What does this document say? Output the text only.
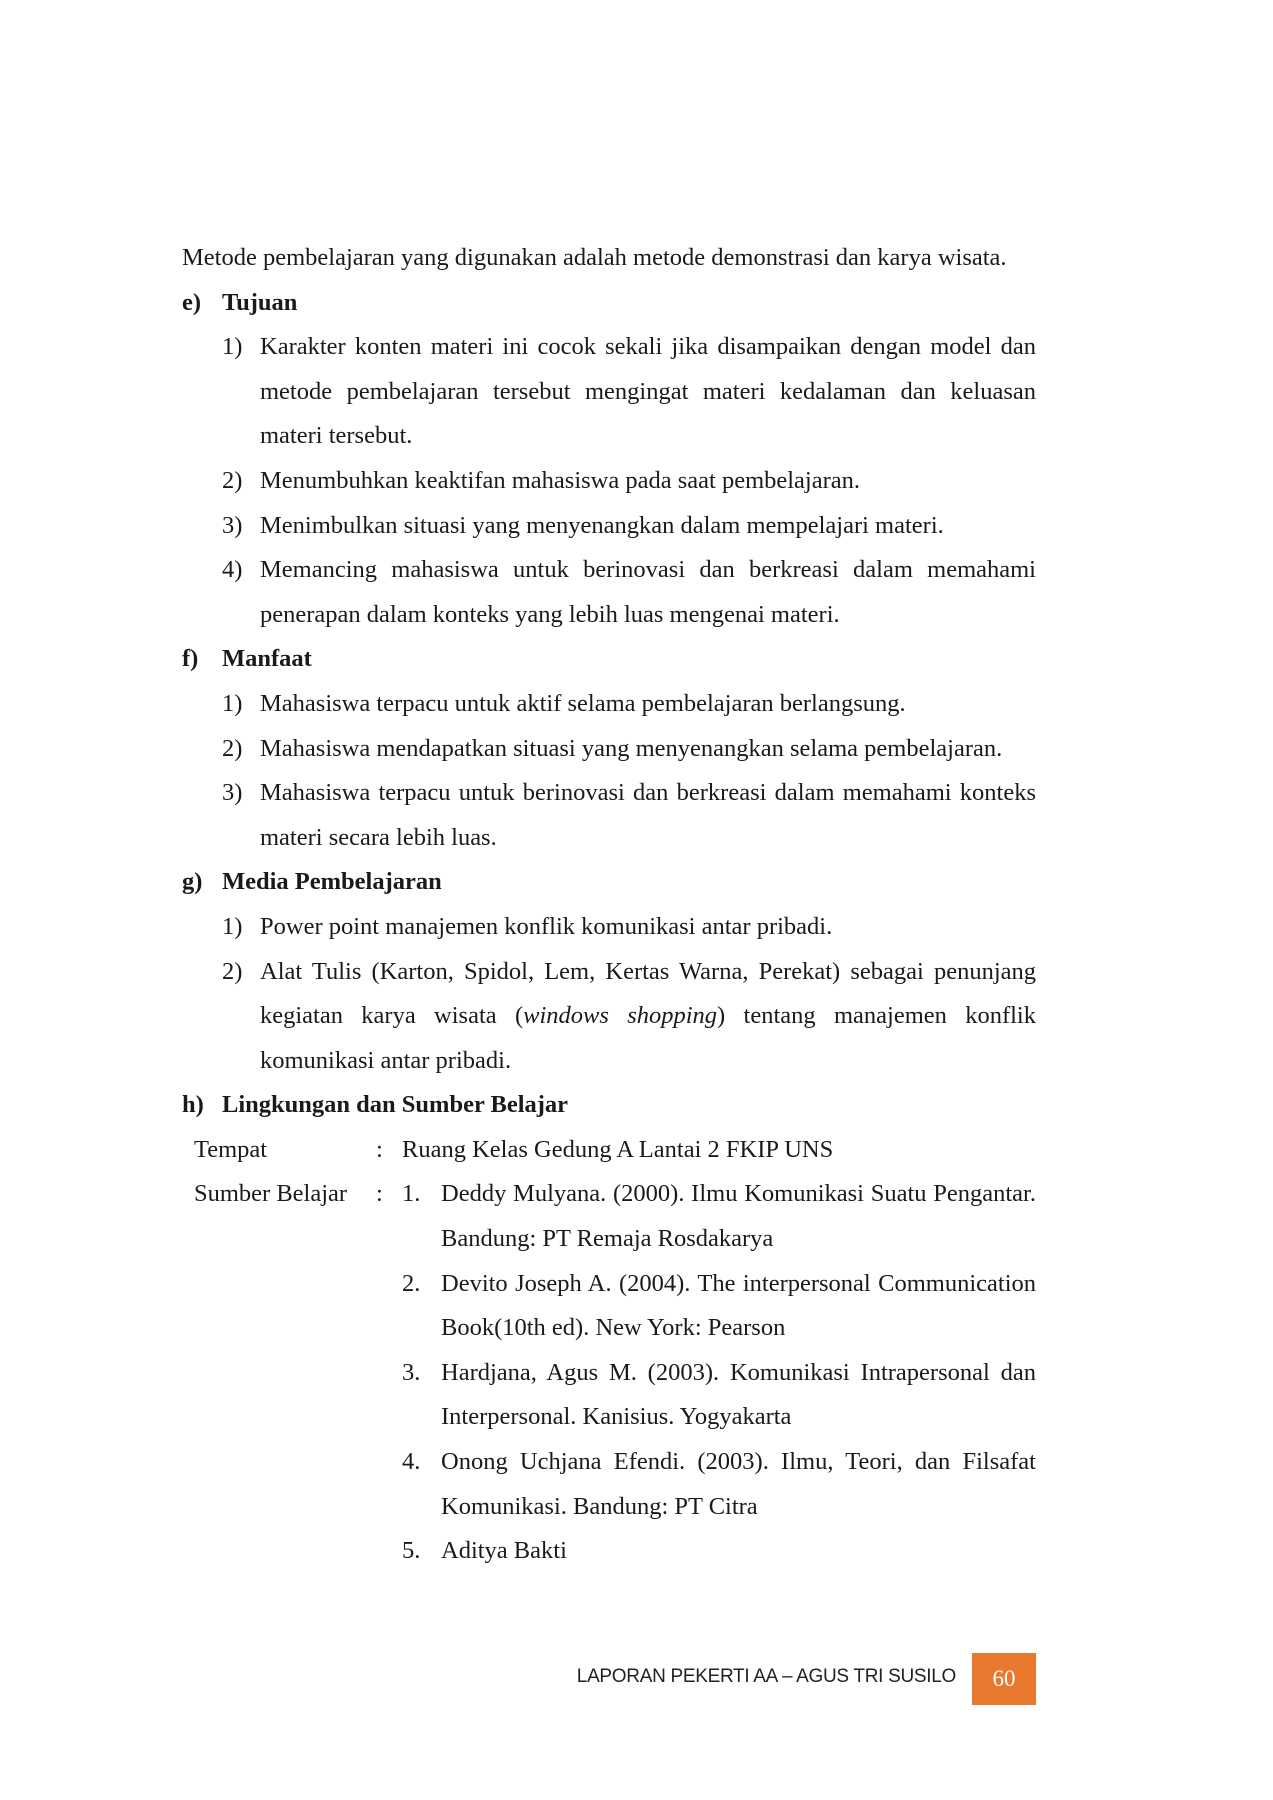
Metode pembelajaran yang digunakan adalah metode demonstrasi dan karya wisata.

e) Tujuan
1) Karakter konten materi ini cocok sekali jika disampaikan dengan model dan metode pembelajaran tersebut mengingat materi kedalaman dan keluasan materi tersebut.
2) Menumbuhkan keaktifan mahasiswa pada saat pembelajaran.
3) Menimbulkan situasi yang menyenangkan dalam mempelajari materi.
4) Memancing mahasiswa untuk berinovasi dan berkreasi dalam memahami penerapan dalam konteks yang lebih luas mengenai materi.
f) Manfaat
1) Mahasiswa terpacu untuk aktif selama pembelajaran berlangsung.
2) Mahasiswa mendapatkan situasi yang menyenangkan selama pembelajaran.
3) Mahasiswa terpacu untuk berinovasi dan berkreasi dalam memahami konteks materi secara lebih luas.
g) Media Pembelajaran
1) Power point manajemen konflik komunikasi antar pribadi.
2) Alat Tulis (Karton, Spidol, Lem, Kertas Warna, Perekat) sebagai penunjang kegiatan karya wisata (windows shopping) tentang manajemen konflik komunikasi antar pribadi.
h) Lingkungan dan Sumber Belajar
Tempat	: Ruang Kelas Gedung A Lantai 2 FKIP UNS
Sumber Belajar	: 1. Deddy Mulyana. (2000). Ilmu Komunikasi Suatu Pengantar. Bandung: PT Remaja Rosdakarya
2. Devito Joseph A. (2004). The interpersonal Communication Book(10th ed). New York: Pearson
3. Hardjana, Agus M. (2003). Komunikasi Intrapersonal dan Interpersonal. Kanisius. Yogyakarta
4. Onong Uchjana Efendi. (2003). Ilmu, Teori, dan Filsafat Komunikasi. Bandung: PT Citra
5. Aditya Bakti
LAPORAN PEKERTI AA – AGUS TRI SUSILO	60
